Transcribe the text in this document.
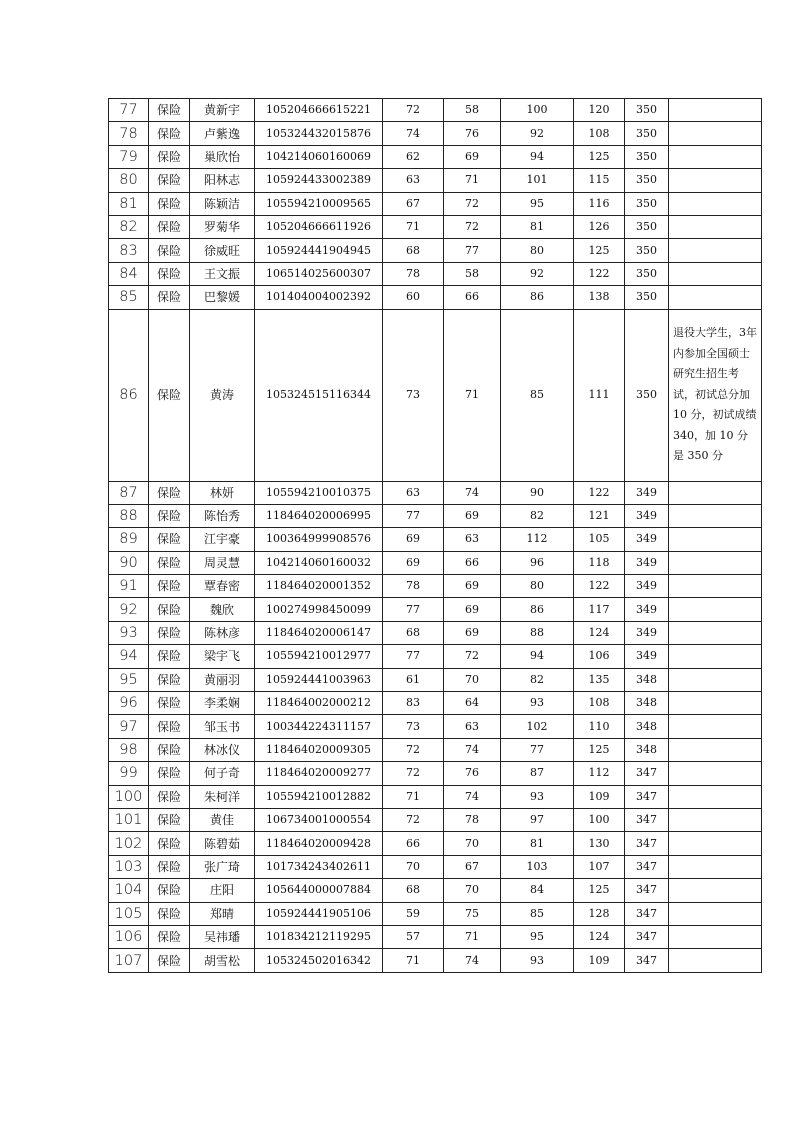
77	保险	黄新宇	105204666615221	72	58	100	120	350	
78	保险	卢紫逸	105324432015876	74	76	92	108	350	
79	保险	巢欣怡	104214060160069	62	69	94	125	350	
80	保险	阳林志	105924433002389	63	71	101	115	350	
81	保险	陈颖洁	105594210009565	67	72	95	116	350	
82	保险	罗菊华	105204666611926	71	72	81	126	350	
83	保险	徐威旺	105924441904945	68	77	80	125	350	
84	保险	王文振	106514025600307	78	58	92	122	350	
85	保险	巴黎媛	101404004002392	60	66	86	138	350	
86	保险	黄涛	105324515116344	73	71	85	111	350	退役大学生，3年内参加全国硕士研究生招生考试，初试总分加 10 分，初试成绩 340，加 10 分是 350 分
87	保险	林妍	105594210010375	63	74	90	122	349	
88	保险	陈怡秀	118464020006995	77	69	82	121	349	
89	保险	江宇豪	100364999908576	69	63	112	105	349	
90	保险	周灵慧	104214060160032	69	66	96	118	349	
91	保险	覃春密	118464020001352	78	69	80	122	349	
92	保险	魏欣	100274998450099	77	69	86	117	349	
93	保险	陈林彦	118464020006147	68	69	88	124	349	
94	保险	梁宇飞	105594210012977	77	72	94	106	349	
95	保险	黄丽羽	105924441003963	61	70	82	135	348	
96	保险	李柔娴	118464002000212	83	64	93	108	348	
97	保险	邹玉书	100344224311157	73	63	102	110	348	
98	保险	林冰仪	118464020009305	72	74	77	125	348	
99	保险	何子奇	118464020009277	72	76	87	112	347	
100	保险	朱柯洋	105594210012882	71	74	93	109	347	
101	保险	黄佳	106734001000554	72	78	97	100	347	
102	保险	陈碧茹	118464020009428	66	70	81	130	347	
103	保险	张广琦	101734243402611	70	67	103	107	347	
104	保险	庄阳	105644000007884	68	70	84	125	347	
105	保险	郑晴	105924441905106	59	75	85	128	347	
106	保险	吴祎璠	101834212119295	57	71	95	124	347	
107	保险	胡雪松	105324502016342	71	74	93	109	347	
